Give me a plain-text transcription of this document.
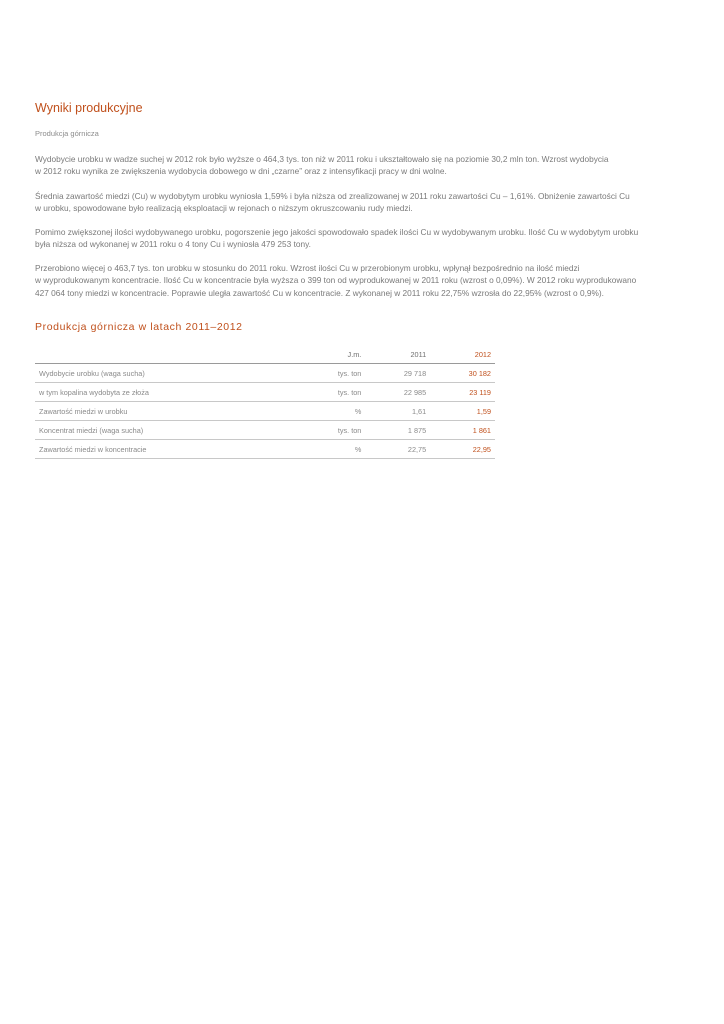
Wyniki produkcyjne
Produkcja górnicza
Wydobycie urobku w wadze suchej w 2012 rok było wyższe o 464,3 tys. ton niż w 2011 roku i ukształtowało się na poziomie 30,2 mln ton. Wzrost wydobycia
w 2012 roku wynika ze zwiększenia wydobycia dobowego w dni „czarne” oraz z intensyfikacji pracy w dni wolne.
Średnia zawartość miedzi (Cu) w wydobytym urobku wyniosła 1,59% i była niższa od zrealizowanej w 2011 roku zawartości Cu – 1,61%. Obniżenie zawartości Cu
w urobku, spowodowane było realizacją eksploatacji w rejonach o niższym okruszcowaniu rudy miedzi.
Pomimo zwiększonej ilości wydobywanego urobku, pogorszenie jego jakości spowodowało spadek ilości Cu w wydobywanym urobku. Ilość Cu w wydobytym urobku
była niższa od wykonanej w 2011 roku o 4 tony Cu i wyniosła 479 253 tony.
Przerobiono więcej o 463,7 tys. ton urobku w stosunku do 2011 roku. Wzrost ilości Cu w przerobionym urobku, wpłynął bezpośrednio na ilość miedzi
w wyprodukowanym koncentracie. Ilość Cu w koncentracie była wyższa o 399 ton od wyprodukowanej w 2011 roku (wzrost o 0,09%). W 2012 roku wyprodukowano
427 064 tony miedzi w koncentracie. Poprawie uległa zawartość Cu w koncentracie. Z wykonanej w 2011 roku 22,75% wzrosła do 22,95% (wzrost o 0,9%).
Produkcja górnicza w latach 2011–2012
	J.m.	2011	2012
Wydobycie urobku (waga sucha)	tys. ton	29 718	30 182
w tym kopalina wydobyta ze złoża	tys. ton	22 985	23 119
Zawartość miedzi w urobku	%	1,61	1,59
Koncentrat miedzi (waga sucha)	tys. ton	1 875	1 861
Zawartość miedzi w koncentracie	%	22,75	22,95
